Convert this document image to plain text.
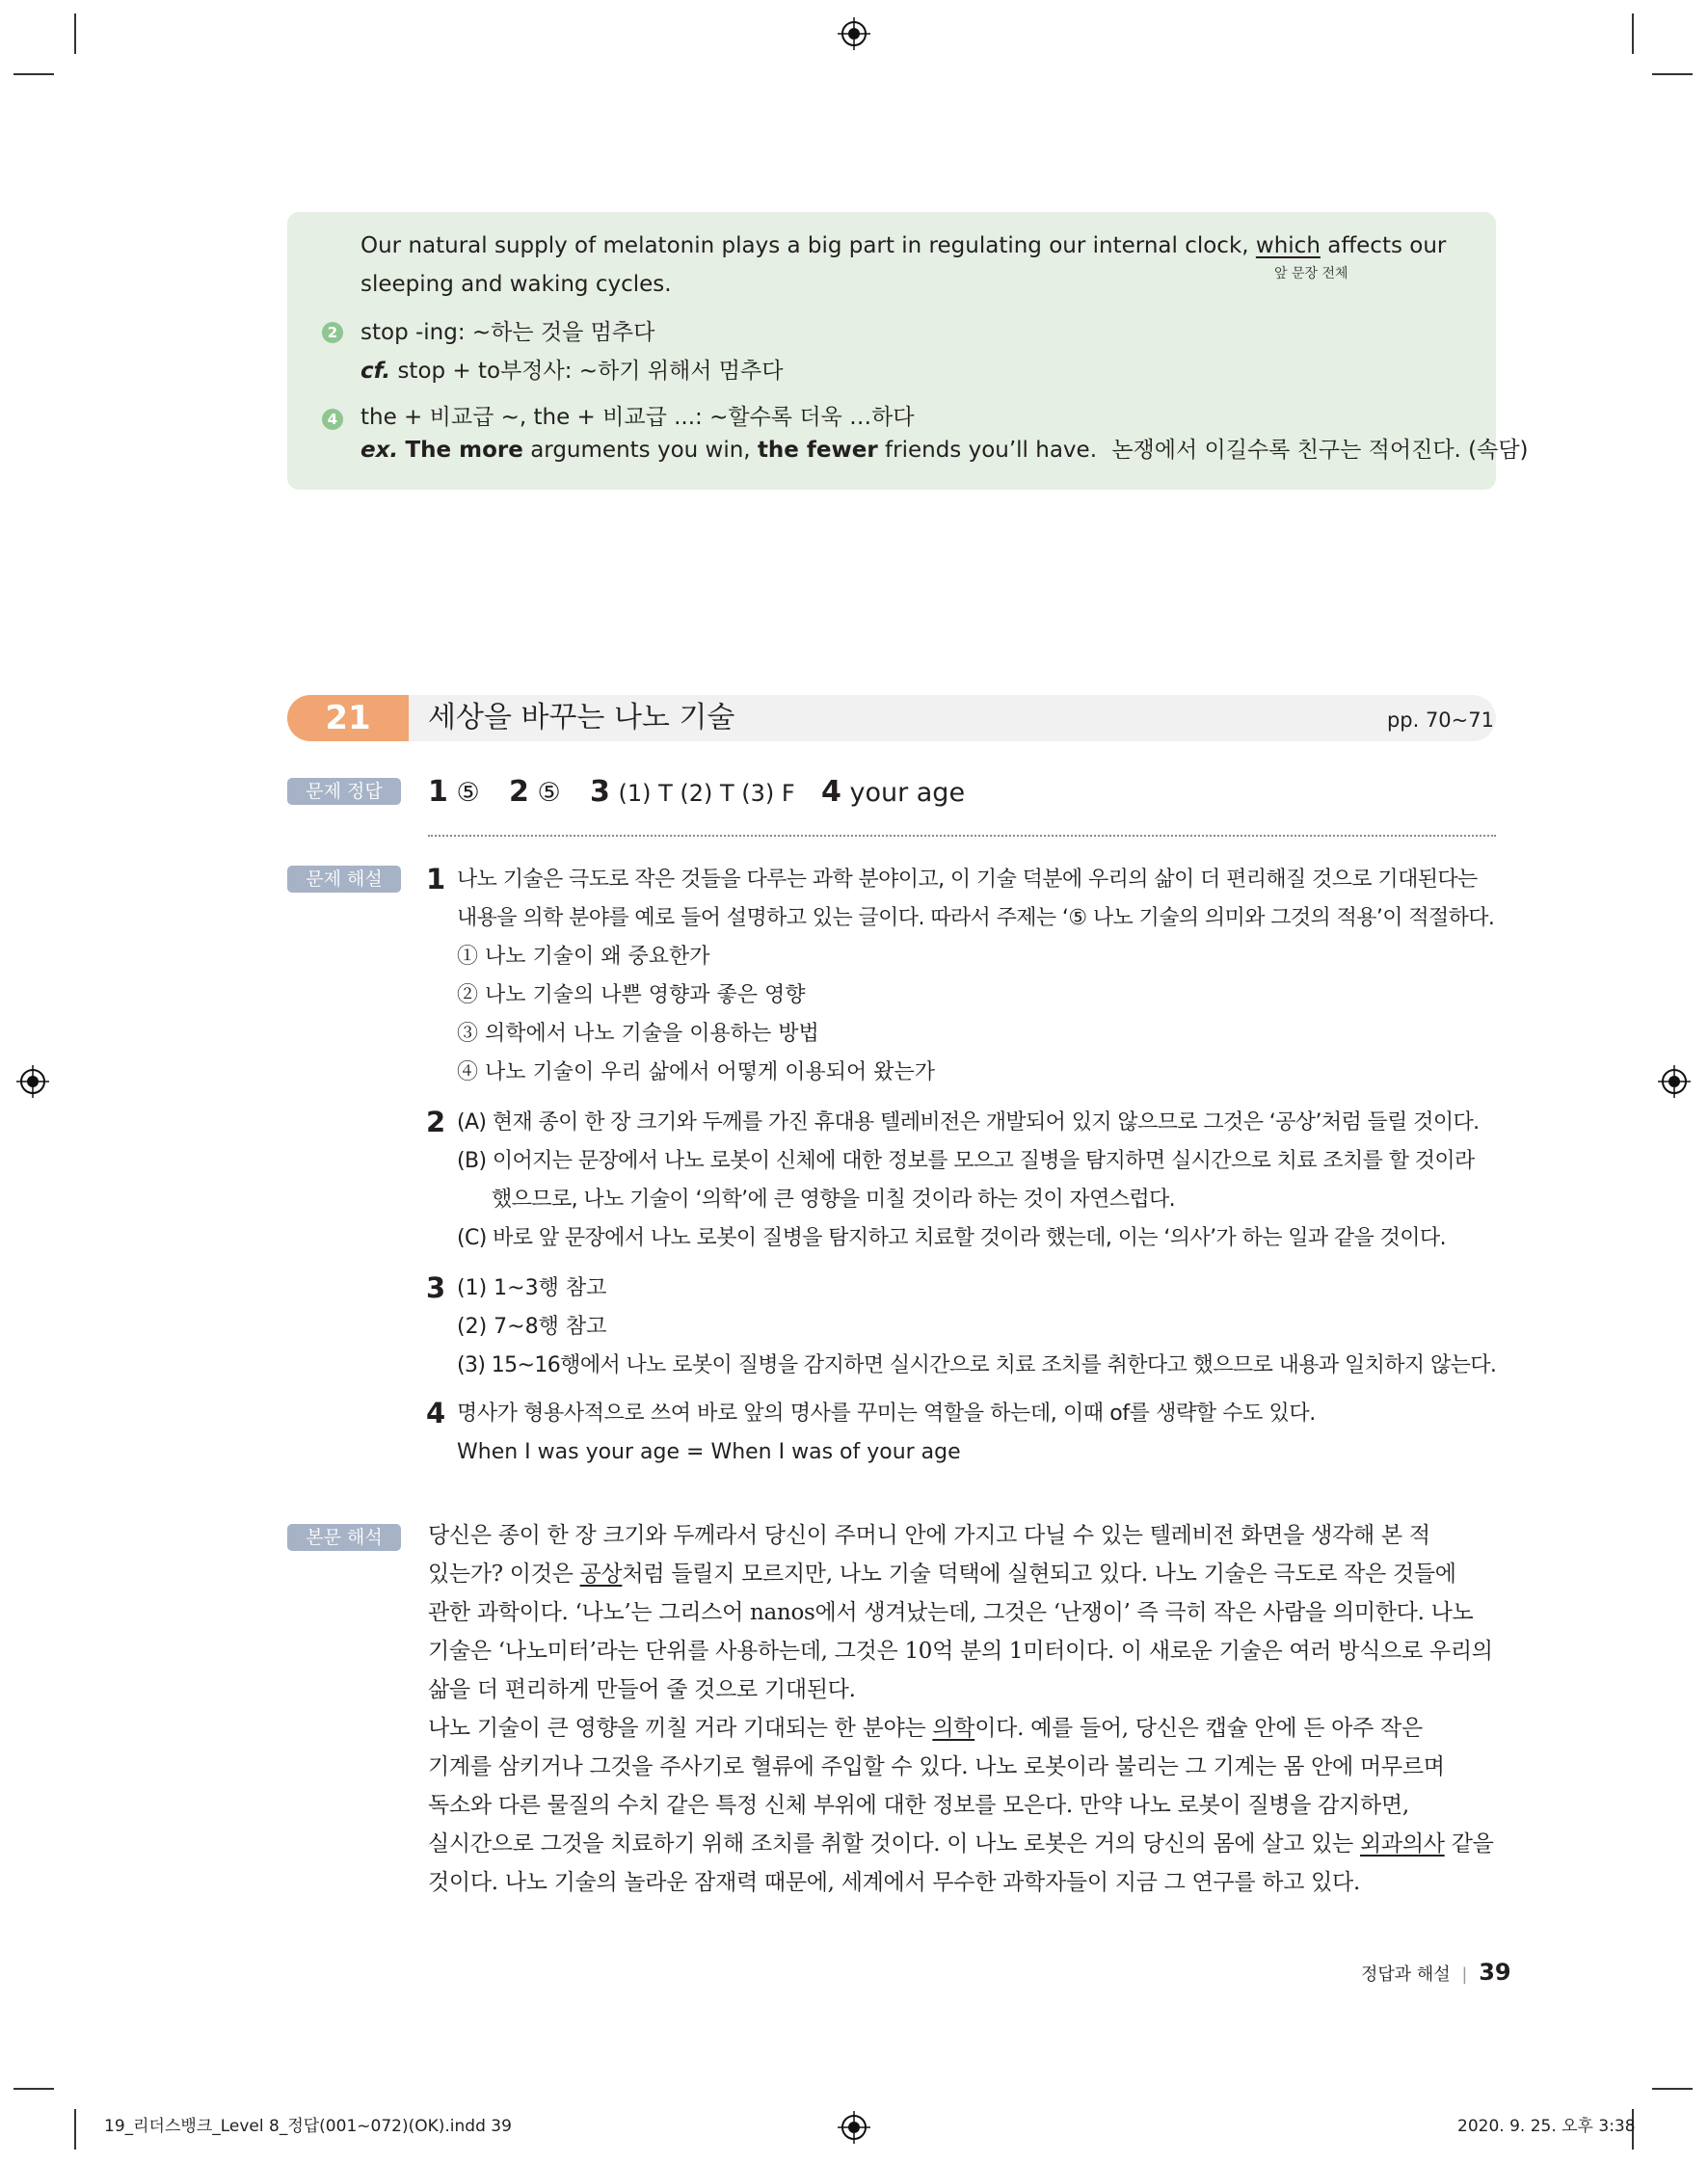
Our natural supply of melatonin plays a big part in regulating our internal clock, which affects our
앞 문장 전체
sleeping and waking cycles.
2 stop -ing: ~하는 것을 멈추다
cf. stop + to부정사: ~하기 위해서 멈추다
4 the + 비교급 ~, the + 비교급 ...: ~할수록 더욱 …하다
ex. The more arguments you win, the fewer friends you’ll have. 논쟁에서 이길수록 친구는 적어진다. (속담)
21	세상을 바꾸는 나노 기술	pp. 70~71
문제 정답	1 ⑤ 2 ⑤ 3 (1) T (2) T (3) F 4 your age
문제 해설	1 나노 기술은 극도로 작은 것들을 다루는 과학 분야이고, 이 기술 덕분에 우리의 삶이 더 편리해질 것으로 기대된다는
내용을 의학 분야를 예로 들어 설명하고 있는 글이다. 따라서 주제는 ‘⑤ 나노 기술의 의미와 그것의 적용’이 적절하다.
① 나노 기술이 왜 중요한가
② 나노 기술의 나쁜 영향과 좋은 영향
③ 의학에서 나노 기술을 이용하는 방법
④ 나노 기술이 우리 삶에서 어떻게 이용되어 왔는가
2 (A) 현재 종이 한 장 크기와 두께를 가진 휴대용 텔레비전은 개발되어 있지 않으므로 그것은 ‘공상’처럼 들릴 것이다.
(B) 이어지는 문장에서 나노 로봇이 신체에 대한 정보를 모으고 질병을 탐지하면 실시간으로 치료 조치를 할 것이라
했으므로, 나노 기술이 ‘의학’에 큰 영향을 미칠 것이라 하는 것이 자연스럽다.
(C) 바로 앞 문장에서 나노 로봇이 질병을 탐지하고 치료할 것이라 했는데, 이는 ‘의사’가 하는 일과 같을 것이다.
3 (1) 1~3행 참고
(2) 7~8행 참고
(3) 15~16행에서 나노 로봇이 질병을 감지하면 실시간으로 치료 조치를 취한다고 했으므로 내용과 일치하지 않는다.
4 명사가 형용사적으로 쓰여 바로 앞의 명사를 꾸미는 역할을 하는데, 이때 of를 생략할 수도 있다.
When I was your age = When I was of your age
본문 해석	당신은 종이 한 장 크기와 두께라서 당신이 주머니 안에 가지고 다닐 수 있는 텔레비전 화면을 생각해 본 적
있는가? 이것은 공상처럼 들릴지 모르지만, 나노 기술 덕택에 실현되고 있다. 나노 기술은 극도로 작은 것들에
관한 과학이다. ‘나노’는 그리스어 nanos에서 생겨났는데, 그것은 ‘난쟁이’ 즉 극히 작은 사람을 의미한다. 나노
기술은 ‘나노미터’라는 단위를 사용하는데, 그것은 10억 분의 1미터이다. 이 새로운 기술은 여러 방식으로 우리의
삶을 더 편리하게 만들어 줄 것으로 기대된다.
나노 기술이 큰 영향을 끼칠 거라 기대되는 한 분야는 의학이다. 예를 들어, 당신은 캡슐 안에 든 아주 작은
기계를 삼키거나 그것을 주사기로 혈류에 주입할 수 있다. 나노 로봇이라 불리는 그 기계는 몸 안에 머무르며
독소와 다른 물질의 수치 같은 특정 신체 부위에 대한 정보를 모은다. 만약 나노 로봇이 질병을 감지하면,
실시간으로 그것을 치료하기 위해 조치를 취할 것이다. 이 나노 로봇은 거의 당신의 몸에 살고 있는 외과의사 같을
것이다. 나노 기술의 놀라운 잠재력 때문에, 세계에서 무수한 과학자들이 지금 그 연구를 하고 있다.
정답과 해설 | 39
19_리더스뱅크_Level 8_정답(001~072)(OK).indd 39	2020. 9. 25. 오후 3:38
